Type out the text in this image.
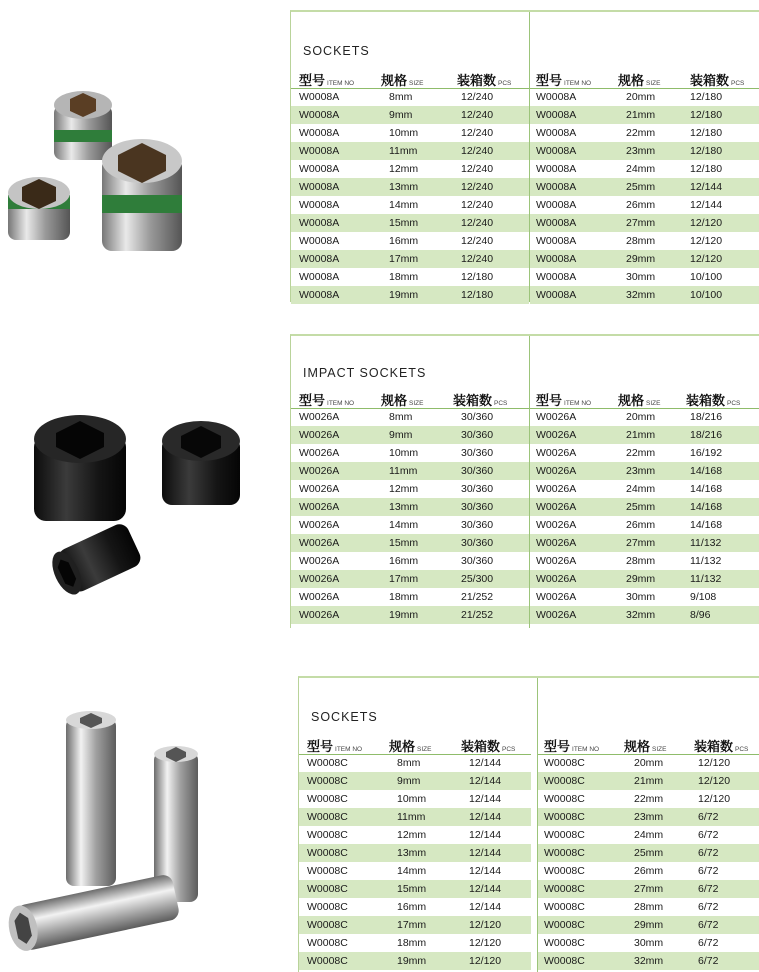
SOCKETS
型号 ITEM NO 规格 SIZE	装箱数 PCS
W0008A	8mm	12/240
W0008A	9mm	12/240
W0008A	10mm	12/240
W0008A	11mm	12/240
W0008A	12mm	12/240
W0008A	13mm	12/240
W0008A	14mm	12/240
W0008A	15mm	12/240
W0008A	16mm	12/240
W0008A	17mm	12/240
W0008A	18mm	12/180
W0008A	19mm	12/180
型号 ITEM NO 规格 SIZE 装箱数 PCS
W0008A	20mm	12/180
W0008A	21mm	12/180
W0008A	22mm	12/180
W0008A	23mm	12/180
W0008A	24mm	12/180
W0008A	25mm	12/144
W0008A	26mm	12/144
W0008A	27mm	12/120
W0008A	28mm	12/120
W0008A	29mm	12/120
W0008A	30mm	10/100
W0008A	32mm	10/100
IMPACT SOCKETS
型号 ITEM NO 规格 SIZE 装箱数 PCS
W0026A	8mm	30/360
W0026A	9mm	30/360
W0026A	10mm	30/360
W0026A	11mm	30/360
W0026A	12mm	30/360
W0026A	13mm	30/360
W0026A	14mm	30/360
W0026A	15mm	30/360
W0026A	16mm	30/360
W0026A	17mm	25/300
W0026A	18mm	21/252
W0026A	19mm	21/252
型号 ITEM NO 规格 SIZE 装箱数 PCS
W0026A	20mm	18/216
W0026A	21mm	18/216
W0026A	22mm	16/192
W0026A	23mm	14/168
W0026A	24mm	14/168
W0026A	25mm	14/168
W0026A	26mm	14/168
W0026A	27mm	11/132
W0026A	28mm	11/132
W0026A	29mm	11/132
W0026A	30mm	9/108
W0026A	32mm	8/96
SOCKETS
型号 ITEM NO 规格 SIZE 装箱数 PCS
W0008C	8mm	12/144
W0008C	9mm	12/144
W0008C	10mm	12/144
W0008C	11mm	12/144
W0008C	12mm	12/144
W0008C	13mm	12/144
W0008C	14mm	12/144
W0008C	15mm	12/144
W0008C	16mm	12/144
W0008C	17mm	12/120
W0008C	18mm	12/120
W0008C	19mm	12/120
型号 ITEM NO 规格 SIZE 装箱数 PCS
W0008C	20mm	12/120
W0008C	21mm	12/120
W0008C	22mm	12/120
W0008C	23mm	6/72
W0008C	24mm	6/72
W0008C	25mm	6/72
W0008C	26mm	6/72
W0008C	27mm	6/72
W0008C	28mm	6/72
W0008C	29mm	6/72
W0008C	30mm	6/72
W0008C	32mm	6/72
